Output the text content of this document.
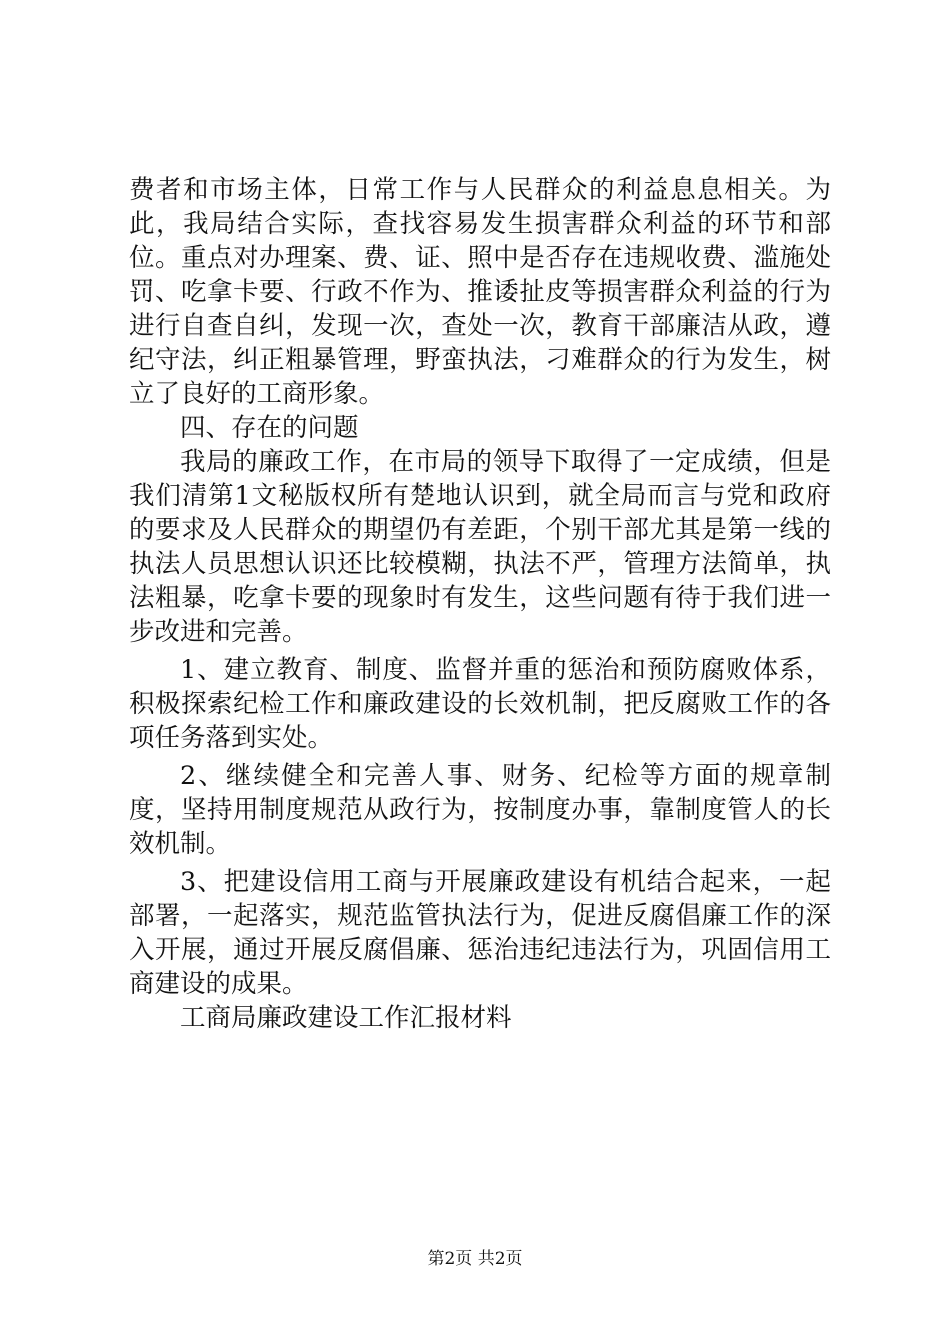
费者和市场主体，日常工作与人民群众的利益息息相关。为此，我局结合实际，查找容易发生损害群众利益的环节和部位。重点对办理案、费、证、照中是否存在违规收费、滥施处罚、吃拿卡要、行政不作为、推诿扯皮等损害群众利益的行为进行自查自纠，发现一次，查处一次，教育干部廉洁从政，遵纪守法，纠正粗暴管理，野蛮执法，刁难群众的行为发生，树立了良好的工商形象。

四、存在的问题

我局的廉政工作，在市局的领导下取得了一定成绩，但是我们清第1文秘版权所有楚地认识到，就全局而言与党和政府的要求及人民群众的期望仍有差距，个别干部尤其是第一线的执法人员思想认识还比较模糊，执法不严，管理方法简单，执法粗暴，吃拿卡要的现象时有发生，这些问题有待于我们进一步改进和完善。

1、建立教育、制度、监督并重的惩治和预防腐败体系，积极探索纪检工作和廉政建设的长效机制，把反腐败工作的各项任务落到实处。

2、继续健全和完善人事、财务、纪检等方面的规章制度，坚持用制度规范从政行为，按制度办事，靠制度管人的长效机制。

3、把建设信用工商与开展廉政建设有机结合起来，一起部署，一起落实，规范监管执法行为，促进反腐倡廉工作的深入开展，通过开展反腐倡廉、惩治违纪违法行为，巩固信用工商建设的成果。

工商局廉政建设工作汇报材料

第2页 共2页
